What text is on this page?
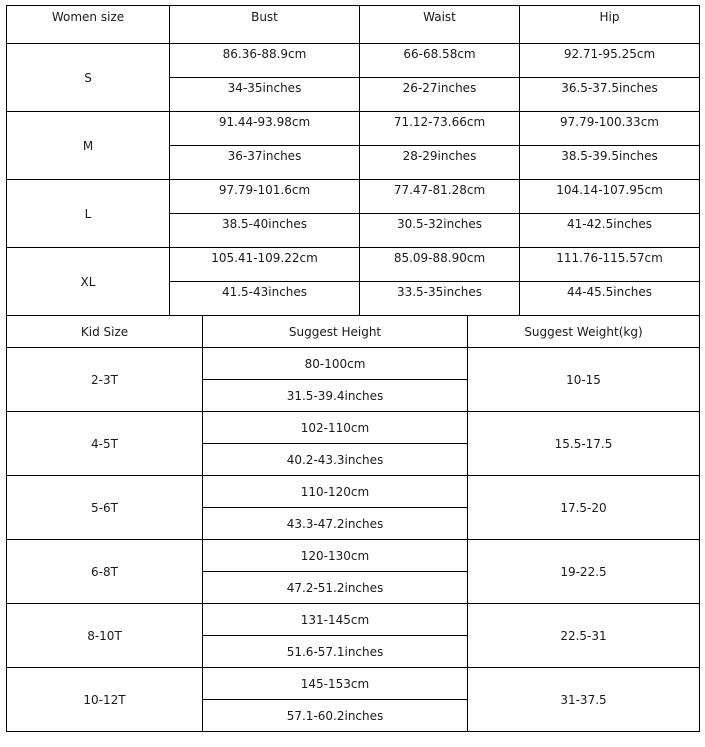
Women size	Bust	Waist	Hip
S	86.36-88.9cm	66-68.58cm	92.71-95.25cm
	34-35inches	26-27inches	36.5-37.5inches
M	91.44-93.98cm	71.12-73.66cm	97.79-100.33cm
	36-37inches	28-29inches	38.5-39.5inches
L	97.79-101.6cm	77.47-81.28cm	104.14-107.95cm
	38.5-40inches	30.5-32inches	41-42.5inches
XL	105.41-109.22cm	85.09-88.90cm	111.76-115.57cm
	41.5-43inches	33.5-35inches	44-45.5inches
Kid Size	Suggest Height	Suggest Weight(kg)
2-3T	80-100cm	10-15
	31.5-39.4inches	
4-5T	102-110cm	15.5-17.5
	40.2-43.3inches	
5-6T	110-120cm	17.5-20
	43.3-47.2inches	
6-8T	120-130cm	19-22.5
	47.2-51.2inches	
8-10T	131-145cm	22.5-31
	51.6-57.1inches	
10-12T	145-153cm	31-37.5
	57.1-60.2inches	
